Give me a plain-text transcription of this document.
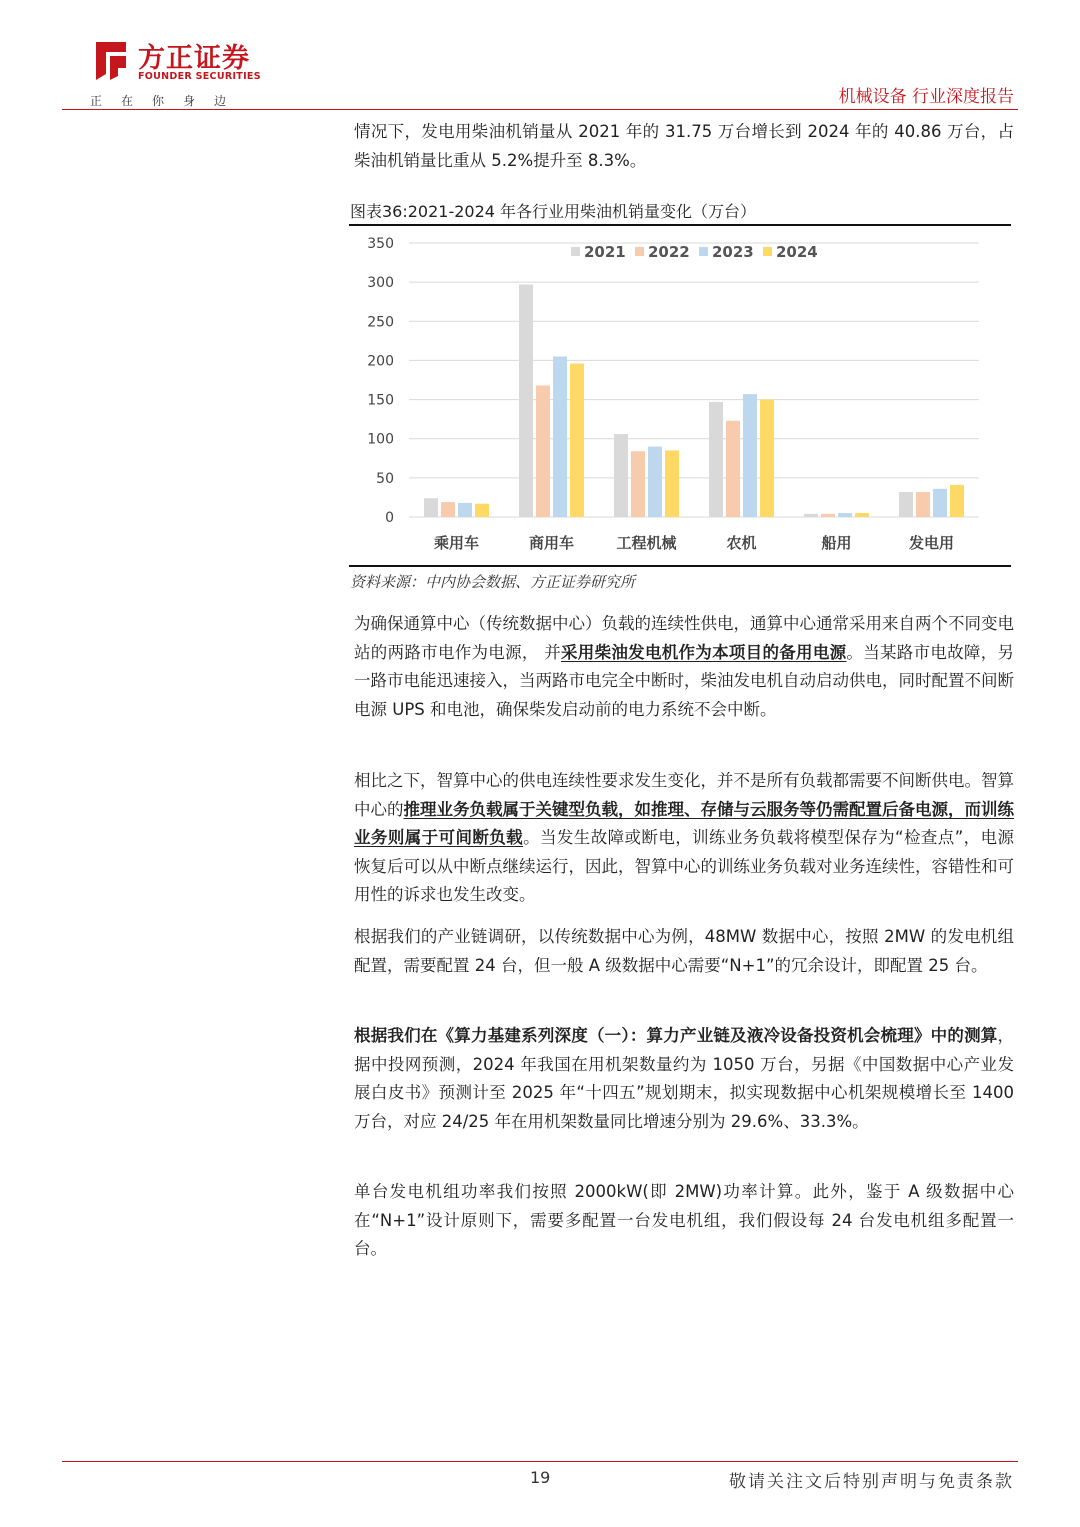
方正证券
FOUNDER SECURITIES
正在你身边	机械设备 行业深度报告
情况下，发电用柴油机销量从 2021 年的 31.75 万台增长到 2024 年的 40.86 万台，占柴油机销量比重从 5.2%提升至 8.3%。
图表36:2021-2024 年各行业用柴油机销量变化（万台）
0
50
100
150
200
250
300
350
乘用车	商用车	工程机械	农机	船用	发电用
2021 2022 2023 2024
资料来源：中内协会数据、方正证券研究所
为确保通算中心（传统数据中心）负载的连续性供电，通算中心通常采用来自两个不同变电站的两路市电作为电源， 并采用柴油发电机作为本项目的备用电源。当某路市电故障，另一路市电能迅速接入，当两路市电完全中断时，柴油发电机自动启动供电，同时配置不间断电源 UPS 和电池，确保柴发启动前的电力系统不会中断。
相比之下，智算中心的供电连续性要求发生变化，并不是所有负载都需要不间断供电。智算中心的推理业务负载属于关键型负载，如推理、存储与云服务等仍需配置后备电源，而训练业务则属于可间断负载。当发生故障或断电，训练业务负载将模型保存为“检查点”，电源恢复后可以从中断点继续运行，因此，智算中心的训练业务负载对业务连续性，容错性和可用性的诉求也发生改变。
根据我们的产业链调研，以传统数据中心为例，48MW 数据中心，按照 2MW 的发电机组配置，需要配置 24 台，但一般 A 级数据中心需要“N+1”的冗余设计，即配置 25 台。
根据我们在《算力基建系列深度（一）：算力产业链及液冷设备投资机会梳理》中的测算，据中投网预测，2024 年我国在用机架数量约为 1050 万台，另据《中国数据中心产业发展白皮书》预测计至 2025 年“十四五”规划期末，拟实现数据中心机架规模增长至 1400 万台，对应 24/25 年在用机架数量同比增速分别为 29.6%、33.3%。
单台发电机组功率我们按照 2000kW(即 2MW)功率计算。此外，鉴于 A 级数据中心在“N+1”设计原则下，需要多配置一台发电机组，我们假设每 24 台发电机组多配置一台。
19	敬请关注文后特别声明与免责条款
